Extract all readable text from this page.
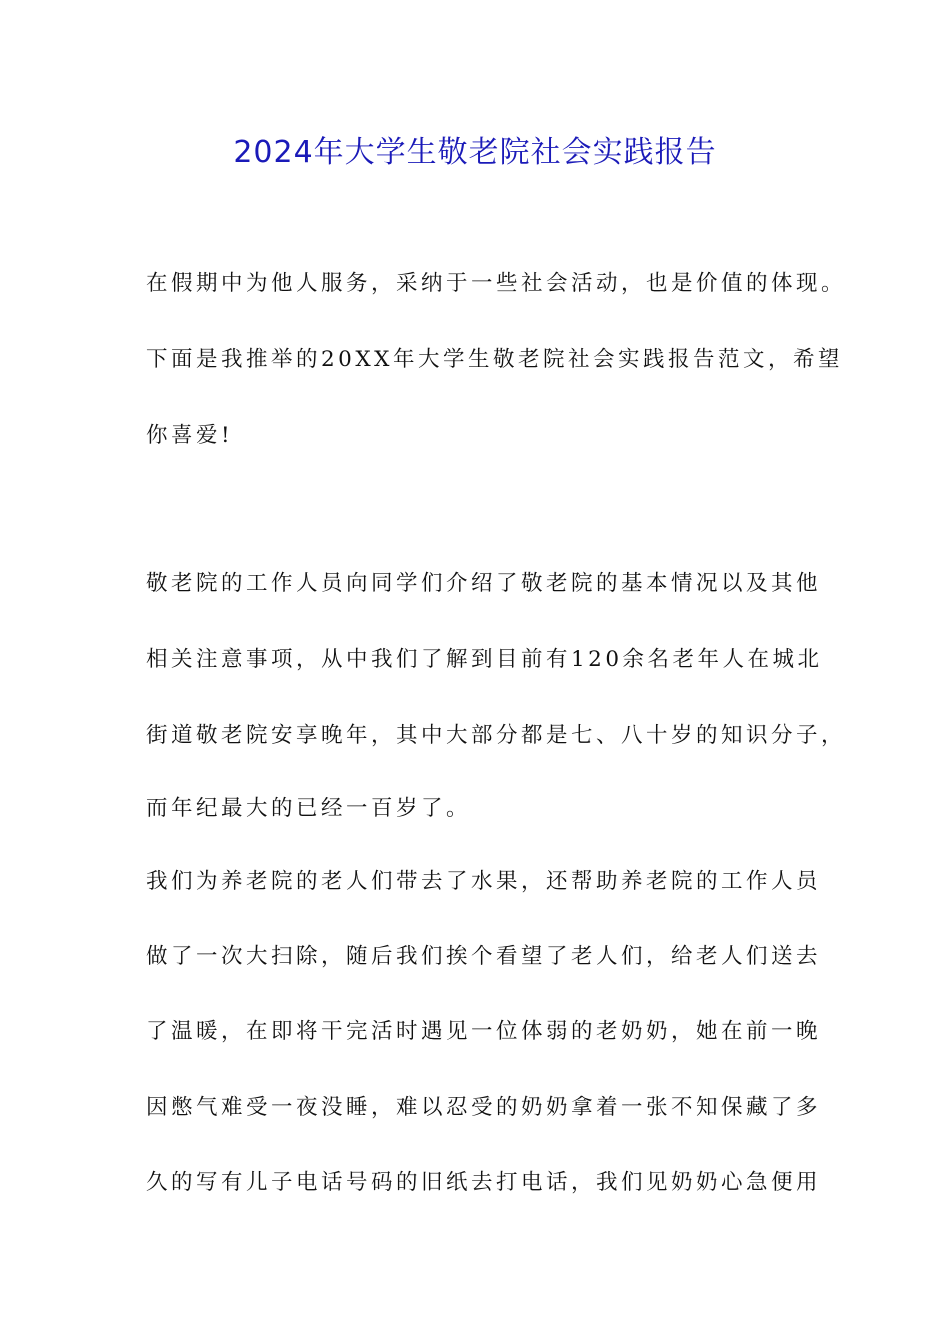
2024年大学生敬老院社会实践报告
在假期中为他人服务，采纳于一些社会活动，也是价值的体现。
下面是我推举的20XX年大学生敬老院社会实践报告范文，希望
你喜爱!
敬老院的工作人员向同学们介绍了敬老院的基本情况以及其他
相关注意事项，从中我们了解到目前有120余名老年人在城北
街道敬老院安享晚年，其中大部分都是七、八十岁的知识分子，
而年纪最大的已经一百岁了。
我们为养老院的老人们带去了水果，还帮助养老院的工作人员
做了一次大扫除，随后我们挨个看望了老人们，给老人们送去
了温暖，在即将干完活时遇见一位体弱的老奶奶，她在前一晚
因憋气难受一夜没睡，难以忍受的奶奶拿着一张不知保藏了多
久的写有儿子电话号码的旧纸去打电话，我们见奶奶心急便用
